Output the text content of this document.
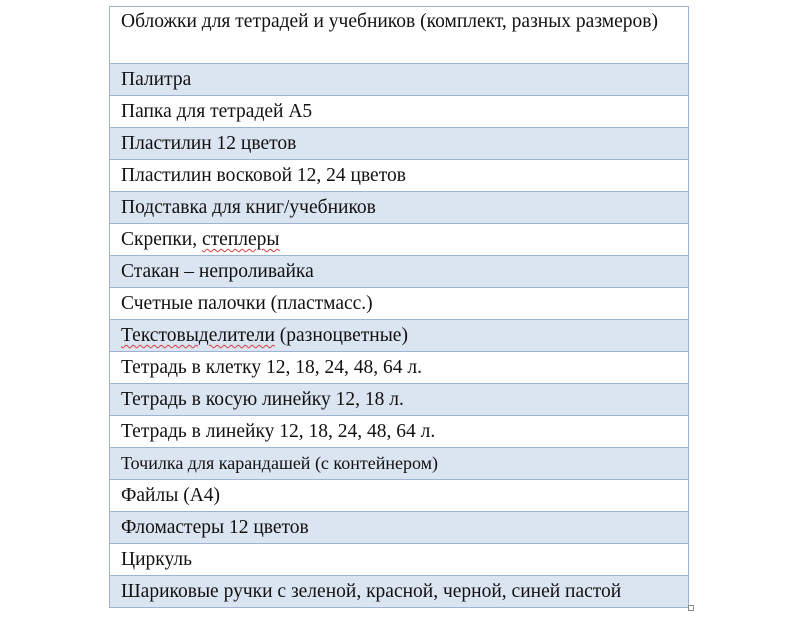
Обложки для тетрадей и учебников (комплект, разных размеров)
Палитра
Папка для тетрадей А5
Пластилин 12 цветов
Пластилин восковой 12, 24 цветов
Подставка для книг/учебников
Скрепки, степлеры
Стакан – непроливайка
Счетные палочки (пластмасс.)
Текстовыделители (разноцветные)
Тетрадь в клетку 12, 18, 24, 48, 64 л.
Тетрадь в косую линейку 12, 18 л.
Тетрадь в линейку 12, 18, 24, 48, 64 л.
Точилка для карандашей (с контейнером)
Файлы (А4)
Фломастеры 12 цветов
Циркуль
Шариковые ручки с зеленой, красной, черной, синей пастой
